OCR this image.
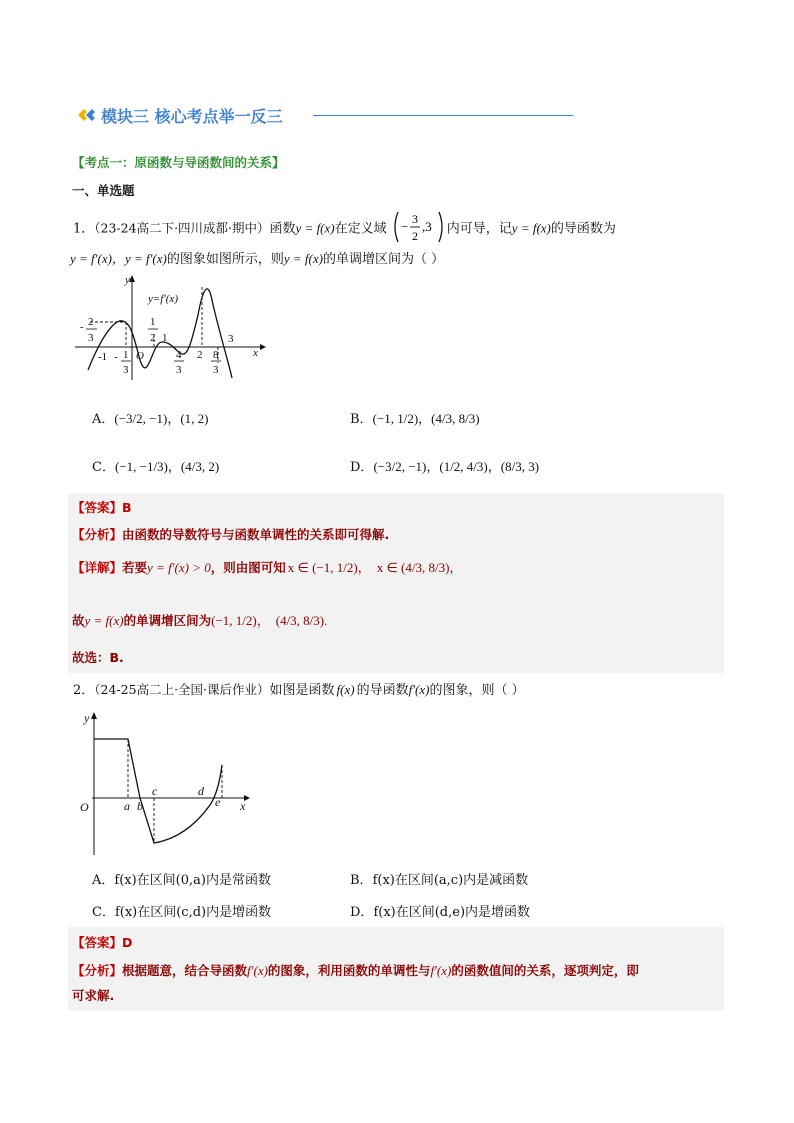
模块三 核心考点举一反三
【考点一：原函数与导函数间的关系】
一、单选题
1．（23-24高二下·四川成都·期中）函数y = f(x)在定义域 − 3
2
,3 内可导，记y = f(x)的导函数为
y = f′(x)，y = f′(x)的图象如图所示，则y = f(x)的单调增区间为（ ）
y
x
y=f′(x)
- 2
3
-1 - 1
3
O
1
2 1
4
3
2 8
3
3
A．(−3/2, −1)，(1, 2)	B．(−1, 1/2)，(4/3, 8/3)
C．(−1, −1/3)，(4/3, 2)	D．(−3/2, −1)，(1/2, 4/3)，(8/3, 3)
【答案】B
【分析】由函数的导数符号与函数单调性的关系即可得解.
【详解】若要y = f′(x) > 0，则由图可知 x ∈ (−1, 1/2)， x ∈ (4/3, 8/3)，
故y = f(x)的单调增区间为(−1, 1/2)， (4/3, 8/3).
故选：B.
2．（24-25高二上·全国·课后作业）如图是函数 f(x) 的导函数f′(x)的图象，则（ ）
y
x
O	a b
c	d
e
A．f(x)在区间(0,a)内是常函数	B．f(x)在区间(a,c)内是减函数
C．f(x)在区间(c,d)内是增函数	D．f(x)在区间(d,e)内是增函数
【答案】D
【分析】根据题意，结合导函数f′(x)的图象，利用函数的单调性与f′(x)的函数值间的关系，逐项判定，即
可求解.
